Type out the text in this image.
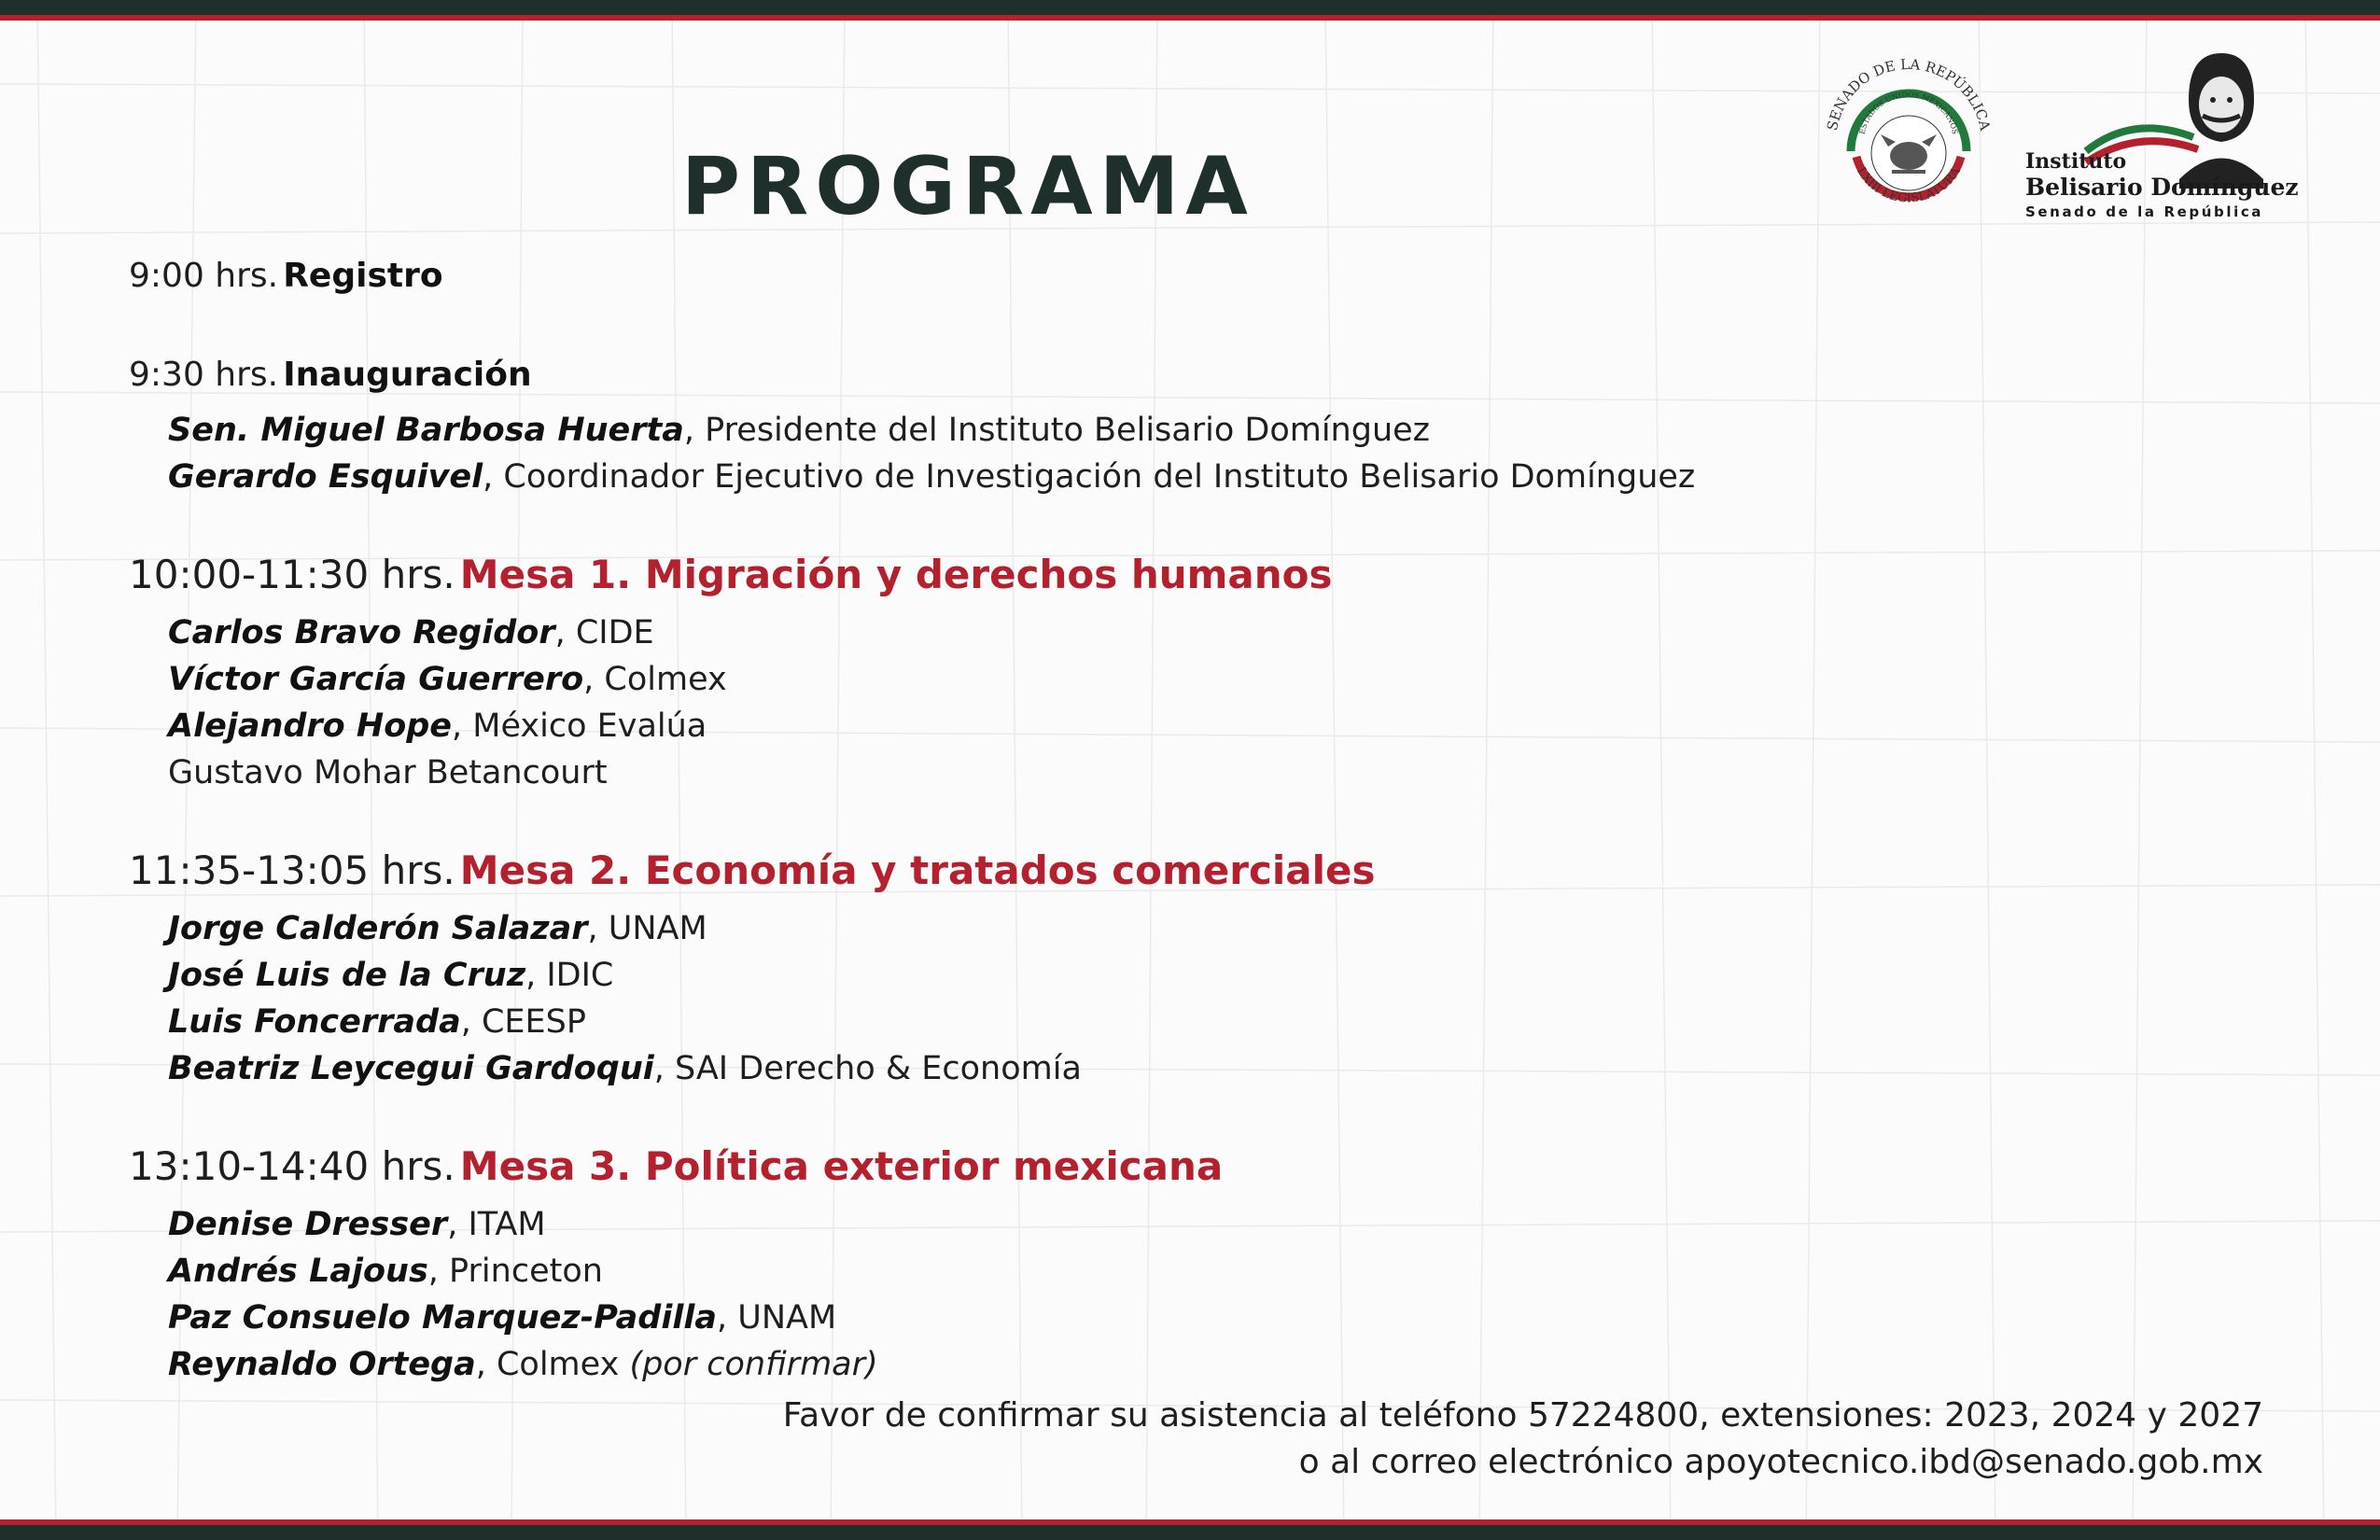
SENADO DE LA REPÚBLICA
ESTADOS UNIDOS MEXICANOS
LXIII LEGISLATURA	Instituto
Belisario Domínguez
Senado de la República
PROGRAMA
9:00 hrs. Registro
9:30 hrs. Inauguración
Sen. Miguel Barbosa Huerta, Presidente del Instituto Belisario Domínguez
Gerardo Esquivel, Coordinador Ejecutivo de Investigación del Instituto Belisario Domínguez
10:00-11:30 hrs. Mesa 1. Migración y derechos humanos
Carlos Bravo Regidor, CIDE
Víctor García Guerrero, Colmex
Alejandro Hope, México Evalúa
Gustavo Mohar Betancourt
11:35-13:05 hrs. Mesa 2. Economía y tratados comerciales
Jorge Calderón Salazar, UNAM
José Luis de la Cruz, IDIC
Luis Foncerrada, CEESP
Beatriz Leycegui Gardoqui, SAI Derecho & Economía
13:10-14:40 hrs. Mesa 3. Política exterior mexicana
Denise Dresser, ITAM
Andrés Lajous, Princeton
Paz Consuelo Marquez-Padilla, UNAM
Reynaldo Ortega, Colmex (por confirmar)
Favor de confirmar su asistencia al teléfono 57224800, extensiones: 2023, 2024 y 2027
o al correo electrónico apoyotecnico.ibd@senado.gob.mx
